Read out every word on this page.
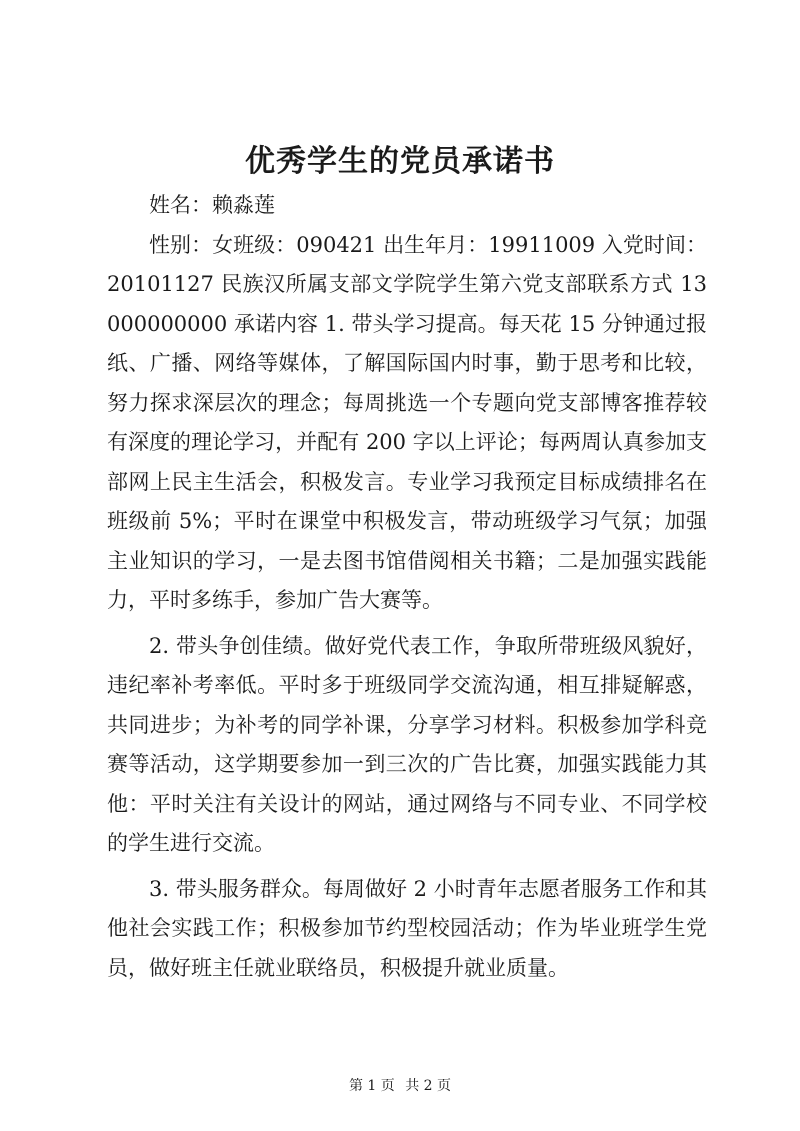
优秀学生的党员承诺书

姓名：赖淼莲

性别：女班级：090421 出生年月：19911009 入党时间：20101127 民族汉所属支部文学院学生第六党支部联系方式 13000000000 承诺内容 1. 带头学习提高。每天花 15 分钟通过报纸、广播、网络等媒体，了解国际国内时事，勤于思考和比较，努力探求深层次的理念；每周挑选一个专题向党支部博客推荐较有深度的理论学习，并配有 200 字以上评论；每两周认真参加支部网上民主生活会，积极发言。专业学习我预定目标成绩排名在班级前 5%；平时在课堂中积极发言，带动班级学习气氛；加强主业知识的学习，一是去图书馆借阅相关书籍；二是加强实践能力，平时多练手，参加广告大赛等。

2. 带头争创佳绩。做好党代表工作，争取所带班级风貌好，违纪率补考率低。平时多于班级同学交流沟通，相互排疑解惑，共同进步；为补考的同学补课，分享学习材料。积极参加学科竞赛等活动，这学期要参加一到三次的广告比赛，加强实践能力其他：平时关注有关设计的网站，通过网络与不同专业、不同学校的学生进行交流。

3. 带头服务群众。每周做好 2 小时青年志愿者服务工作和其他社会实践工作；积极参加节约型校园活动；作为毕业班学生党员，做好班主任就业联络员，积极提升就业质量。

第 1 页 共 2 页
